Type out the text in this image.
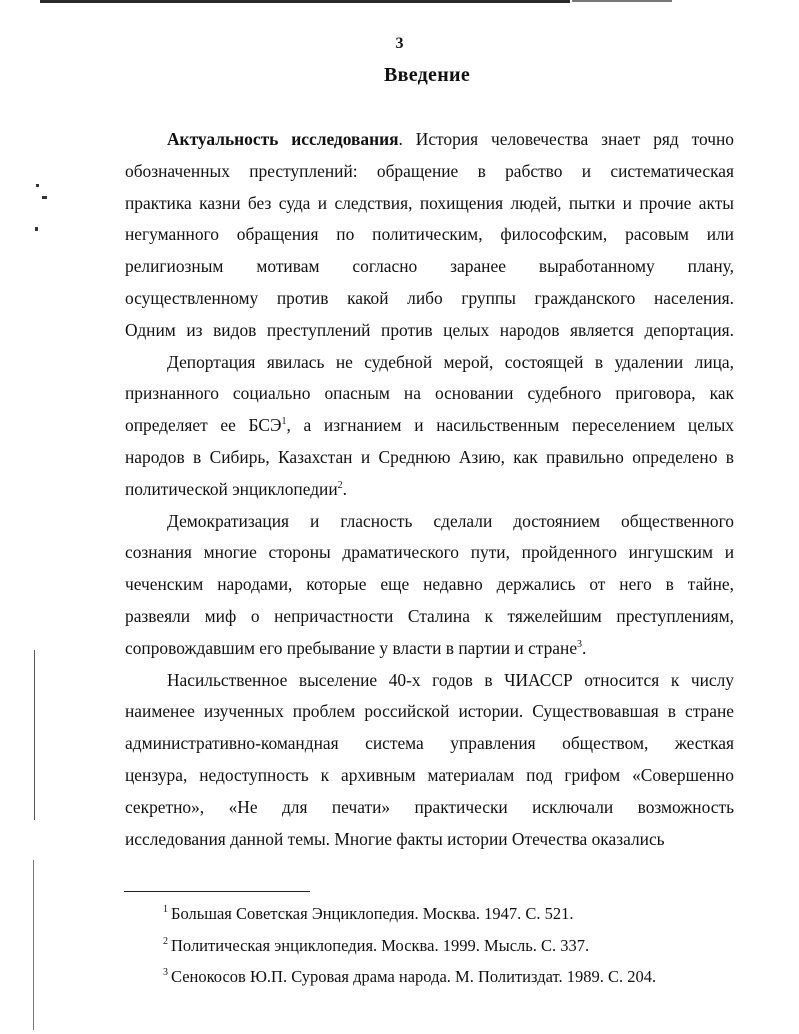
3
Введение
Актуальность исследования. История человечества знает ряд точно
обозначенных преступлений: обращение в рабство и систематическая
практика казни без суда и следствия, похищения людей, пытки и прочие акты
негуманного обращения по политическим, философским, расовым или
религиозным мотивам согласно заранее выработанному плану,
осуществленному против какой либо группы гражданского населения.
Одним из видов преступлений против целых народов является депортация.
Депортация явилась не судебной мерой, состоящей в удалении лица,
признанного социально опасным на основании судебного приговора, как
определяет ее БСЭ$^1$, а изгнанием и насильственным переселением целых
народов в Сибирь, Казахстан и Среднюю Азию, как правильно определено в
политической энциклопедии$^2$.
Демократизация и гласность сделали достоянием общественного
сознания многие стороны драматического пути, пройденного ингушским и
чеченским народами, которые еще недавно держались от него в тайне,
развеяли миф о непричастности Сталина к тяжелейшим преступлениям,
сопровождавшим его пребывание у власти в партии и стране$^3$.
Насильственное выселение 40-х годов в ЧИАССР относится к числу
наименее изученных проблем российской истории. Существовавшая в стране
административно-командная система управления обществом, жесткая
цензура, недоступность к архивным материалам под грифом «Совершенно
секретно», «Не для печати» практически исключали возможность
исследования данной темы. Многие факты истории Отечества оказались
$^1$ Большая Советская Энциклопедия. Москва. 1947. С. 521.
$^2$ Политическая энциклопедия. Москва. 1999. Мысль. С. 337.
$^3$ Сенокосов Ю.П. Суровая драма народа. М. Политиздат. 1989. С. 204.
